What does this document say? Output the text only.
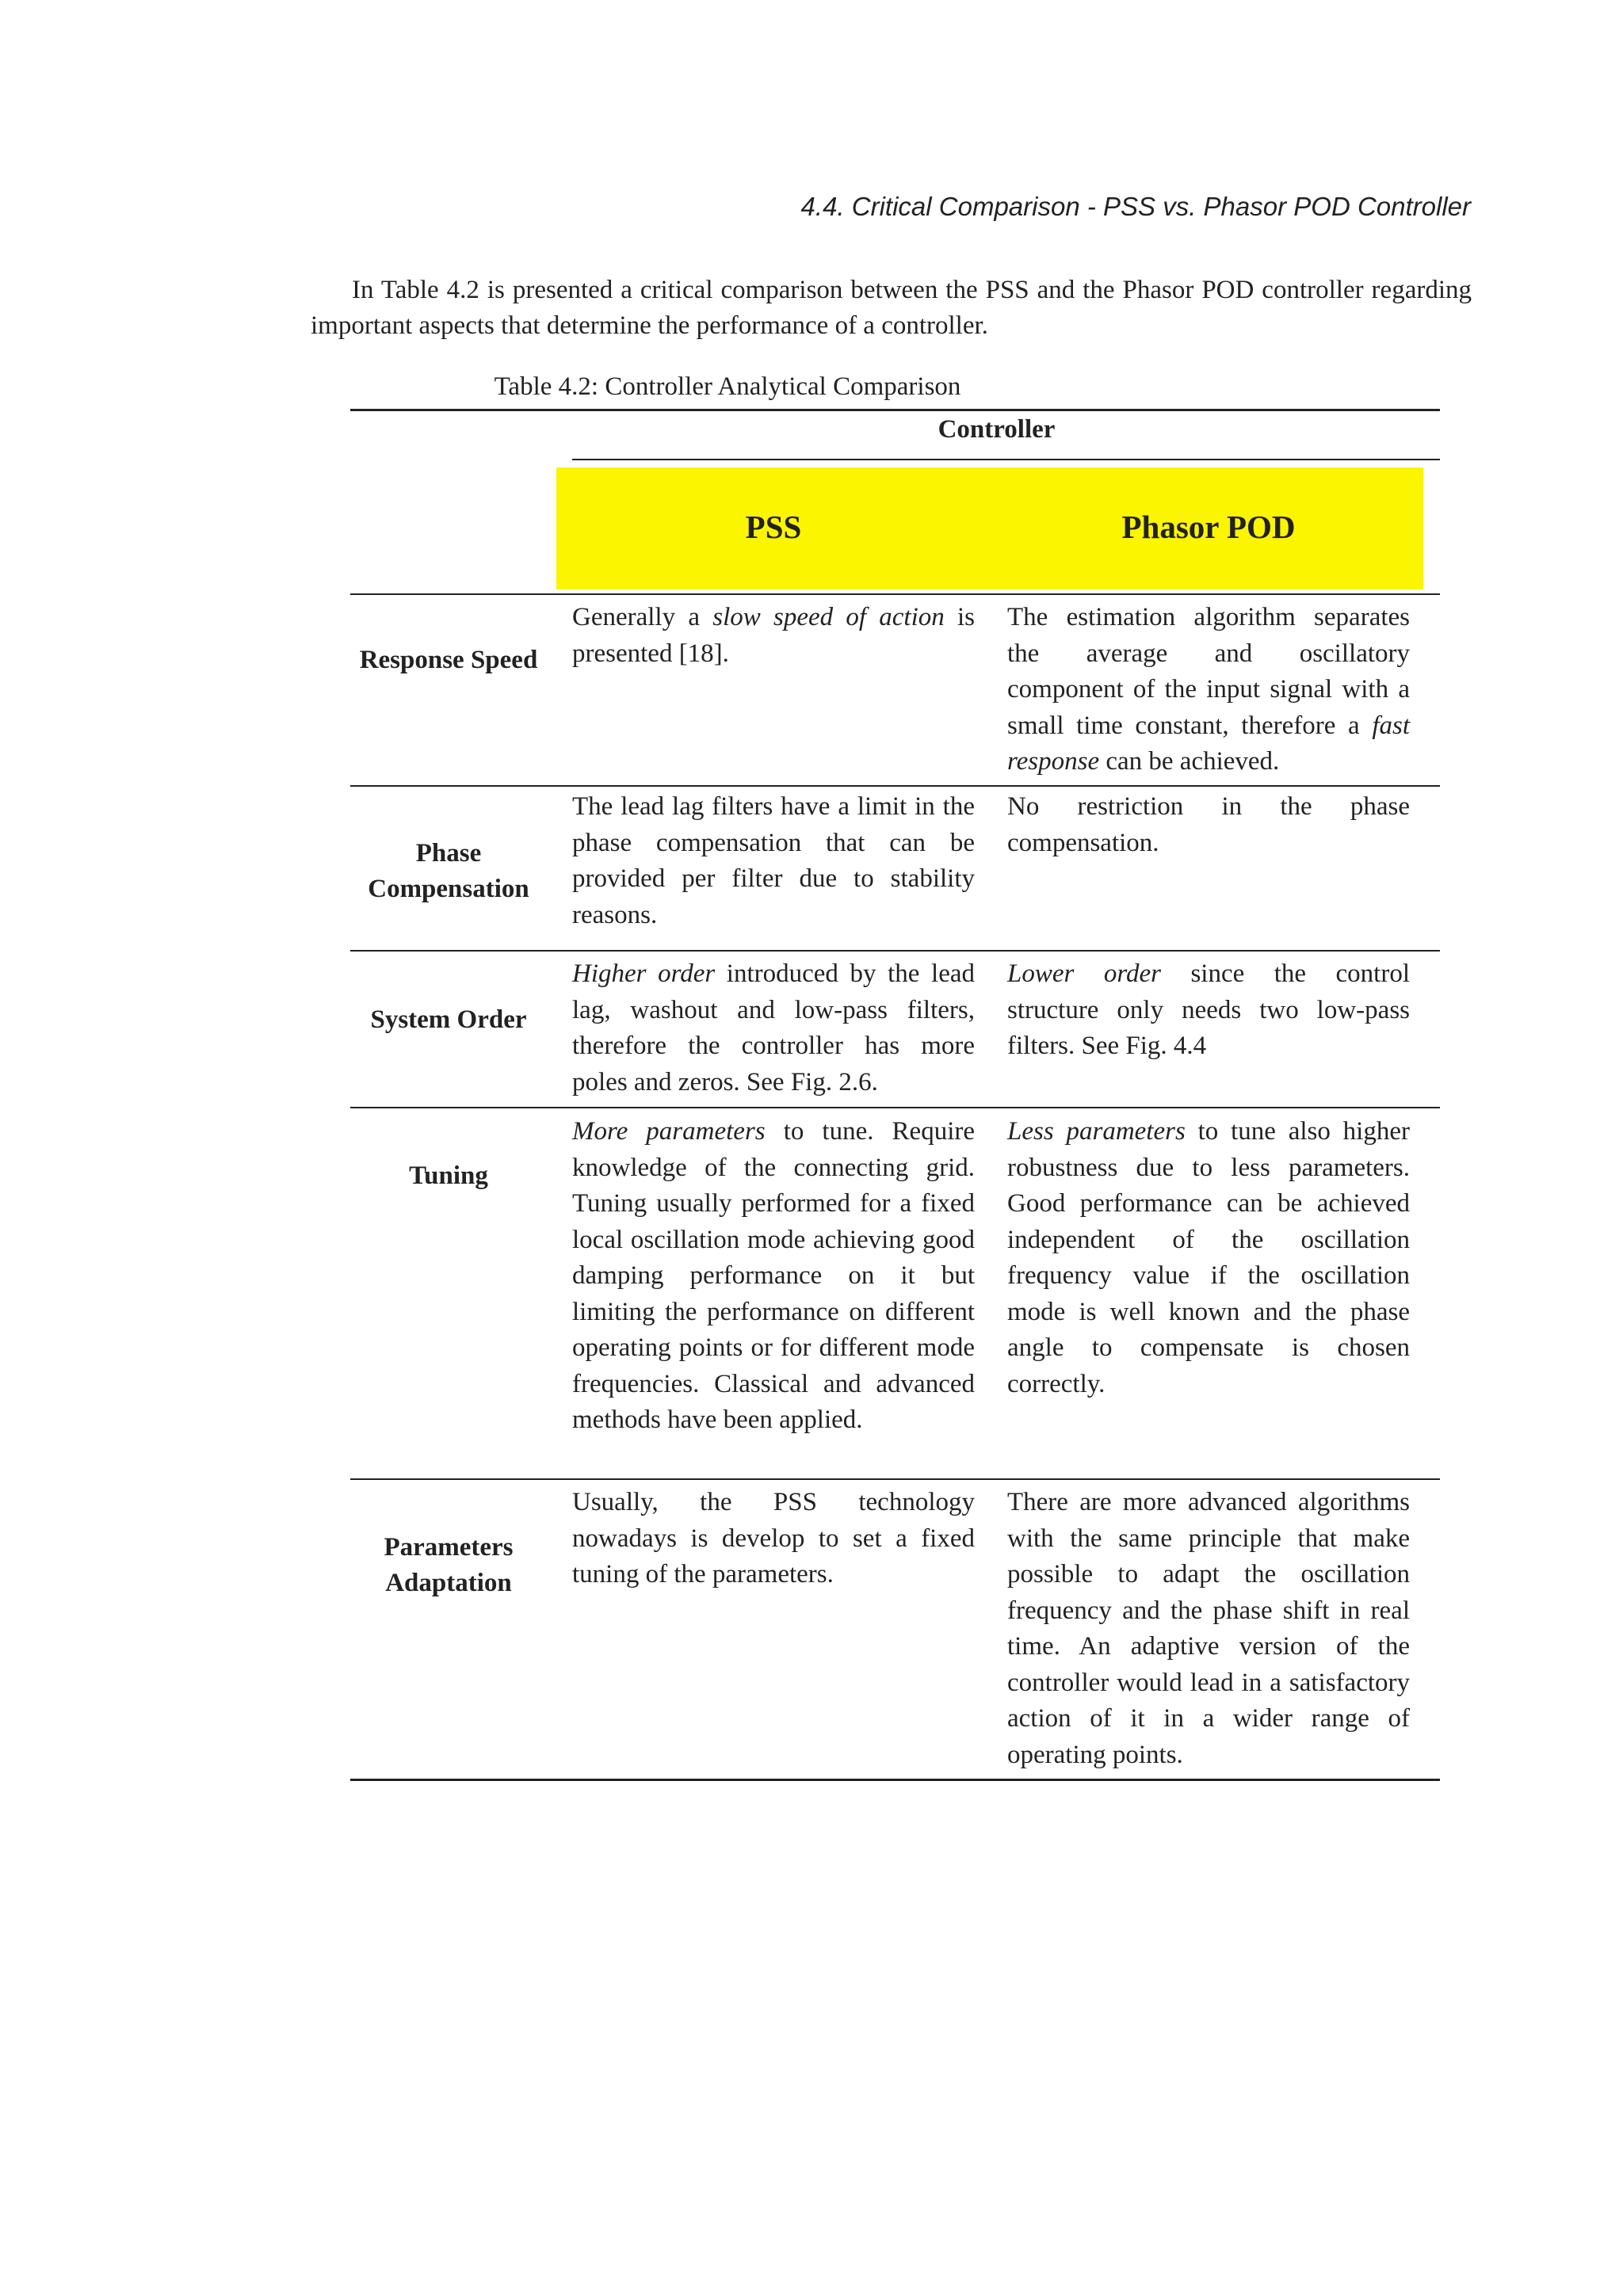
4.4. Critical Comparison - PSS vs. Phasor POD Controller

In Table 4.2 is presented a critical comparison between the PSS and the Phasor POD controller regarding important aspects that determine the performance of a controller.

Table 4.2: Controller Analytical Comparison
Controller
PSS	Phasor POD
Response Speed
Generally a slow speed of action is presented [18].
The estimation algorithm separates the average and oscillatory component of the input signal with a small time constant, therefore a fast response can be achieved.
Phase Compensation
The lead lag filters have a limit in the phase compensation that can be provided per filter due to stability reasons.
No restriction in the phase compensation.
System Order
Higher order introduced by the lead lag, washout and low-pass filters, therefore the controller has more poles and zeros. See Fig. 2.6.
Lower order since the control structure only needs two low-pass filters. See Fig. 4.4
Tuning
More parameters to tune. Require knowledge of the connecting grid. Tuning usually performed for a fixed local oscillation mode achieving good damping performance on it but limiting the performance on different operating points or for different mode frequencies. Classical and advanced methods have been applied.
Less parameters to tune also higher robustness due to less parameters. Good performance can be achieved independent of the oscillation frequency value if the oscillation mode is well known and the phase angle to compensate is chosen correctly.
Parameters Adaptation
Usually, the PSS technology nowadays is develop to set a fixed tuning of the parameters.
There are more advanced algorithms with the same principle that make possible to adapt the oscillation frequency and the phase shift in real time. An adaptive version of the controller would lead in a satisfactory action of it in a wider range of operating points.
